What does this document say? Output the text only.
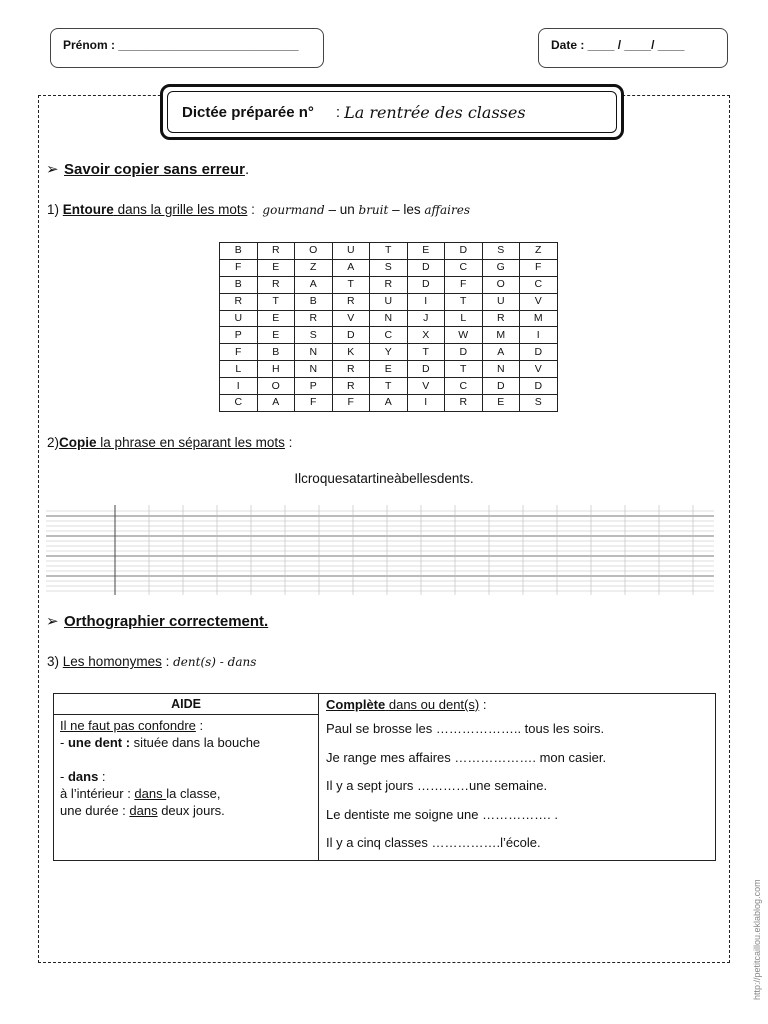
Prénom : ___________________________	Date : ____ / ____/ ____
Dictée préparée n° : La rentrée des classes
➢ Savoir copier sans erreur.
1) Entoure dans la grille les mots : gourmand – un bruit – les affaires
B	R	O	U	T	E	D	S	Z
F	E	Z	A	S	D	C	G	F
B	R	A	T	R	D	F	O	C
R	T	B	R	U	I	T	U	V
U	E	R	V	N	J	L	R	M
P	E	S	D	C	X	W	M	I
F	B	N	K	Y	T	D	A	D
L	H	N	R	E	D	T	N	V
I	O	P	R	T	V	C	D	D
C	A	F	F	A	I	R	E	S
2)Copie la phrase en séparant les mots :
Ilcroquesatartineàbellesdents.
➢ Orthographier correctement.
3) Les homonymes : dent(s) - dans
AIDE
Il ne faut pas confondre :
- une dent : située dans la bouche
- dans :
à l’intérieur : dans la classe,
une durée : dans deux jours.
Complète dans ou dent(s) :
Paul se brosse les ……………….. tous les soirs.
Je range mes affaires ………………. mon casier.
Il y a sept jours …………une semaine.
Le dentiste me soigne une ……………. .
Il y a cinq classes …………….l’école.
http://petitcaillou.eklablog.com
